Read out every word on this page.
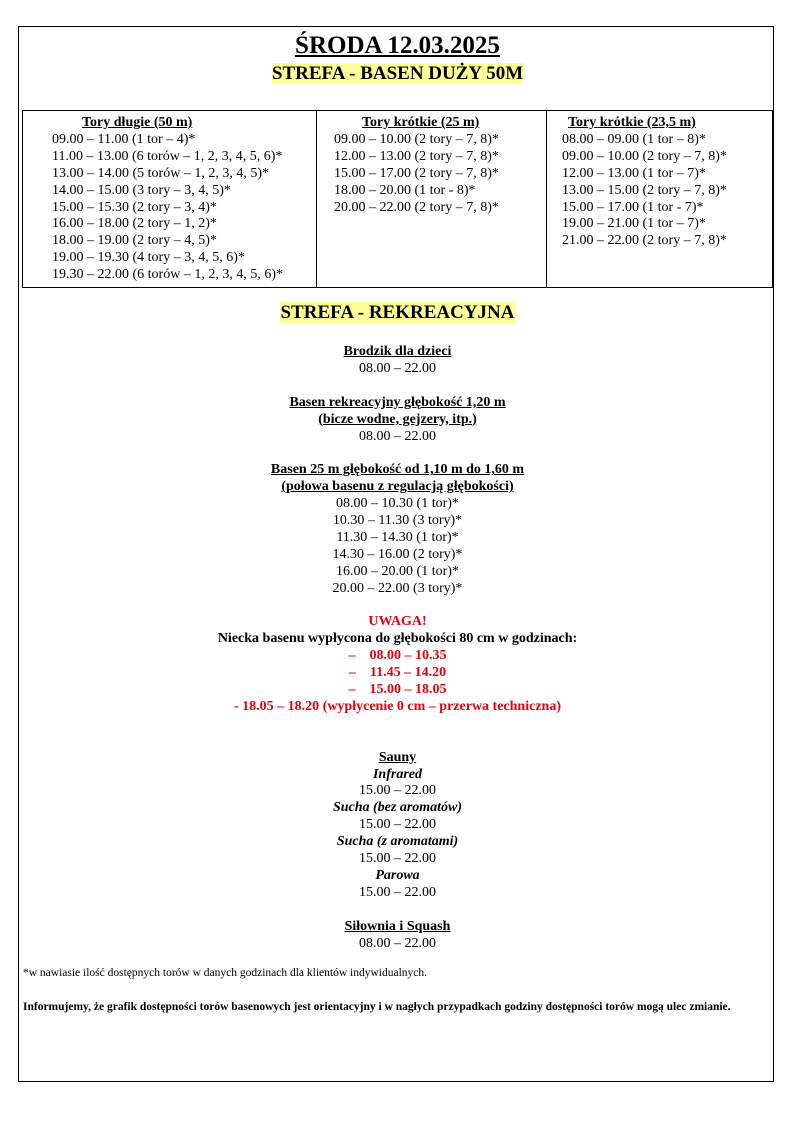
ŚRODA 12.03.2025
STREFA - BASEN DUŻY 50M
Tory długie (50 m)
09.00 – 11.00 (1 tor – 4)*
11.00 – 13.00 (6 torów – 1, 2, 3, 4, 5, 6)*
13.00 – 14.00 (5 torów – 1, 2, 3, 4, 5)*
14.00 – 15.00 (3 tory – 3, 4, 5)*
15.00 – 15.30 (2 tory – 3, 4)*
16.00 – 18.00 (2 tory – 1, 2)*
18.00 – 19.00 (2 tory – 4, 5)*
19.00 – 19.30 (4 tory – 3, 4, 5, 6)*
19.30 – 22.00 (6 torów – 1, 2, 3, 4, 5, 6)*
Tory krótkie (25 m)
09.00 – 10.00 (2 tory – 7, 8)*
12.00 – 13.00 (2 tory – 7, 8)*
15.00 – 17.00 (2 tory – 7, 8)*
18.00 – 20.00 (1 tor - 8)*
20.00 – 22.00 (2 tory – 7, 8)*
Tory krótkie (23,5 m)
08.00 – 09.00 (1 tor – 8)*
09.00 – 10.00 (2 tory – 7, 8)*
12.00 – 13.00 (1 tor – 7)*
13.00 – 15.00 (2 tory – 7, 8)*
15.00 – 17.00 (1 tor - 7)*
19.00 – 21.00 (1 tor – 7)*
21.00 – 22.00 (2 tory – 7, 8)*
STREFA - REKREACYJNA
Brodzik dla dzieci
08.00 – 22.00
Basen rekreacyjny głębokość 1,20 m
(bicze wodne, gejzery, itp.)
08.00 – 22.00
Basen 25 m głębokość od 1,10 m do 1,60 m
(połowa basenu z regulacją głębokości)
08.00 – 10.30 (1 tor)*
10.30 – 11.30 (3 tory)*
11.30 – 14.30 (1 tor)*
14.30 – 16.00 (2 tory)*
16.00 – 20.00 (1 tor)*
20.00 – 22.00 (3 tory)*
UWAGA!
Niecka basenu wypłycona do głębokości 80 cm w godzinach:
– 08.00 – 10.35
– 11.45 – 14.20
– 15.00 – 18.05
- 18.05 – 18.20 (wypłycenie 0 cm – przerwa techniczna)
Sauny
Infrared
15.00 – 22.00
Sucha (bez aromatów)
15.00 – 22.00
Sucha (z aromatami)
15.00 – 22.00
Parowa
15.00 – 22.00
Siłownia i Squash
08.00 – 22.00
*w nawiasie ilość dostępnych torów w danych godzinach dla klientów indywidualnych.
Informujemy, że grafik dostępności torów basenowych jest orientacyjny i w nagłych przypadkach godziny dostępności torów mogą ulec zmianie.
